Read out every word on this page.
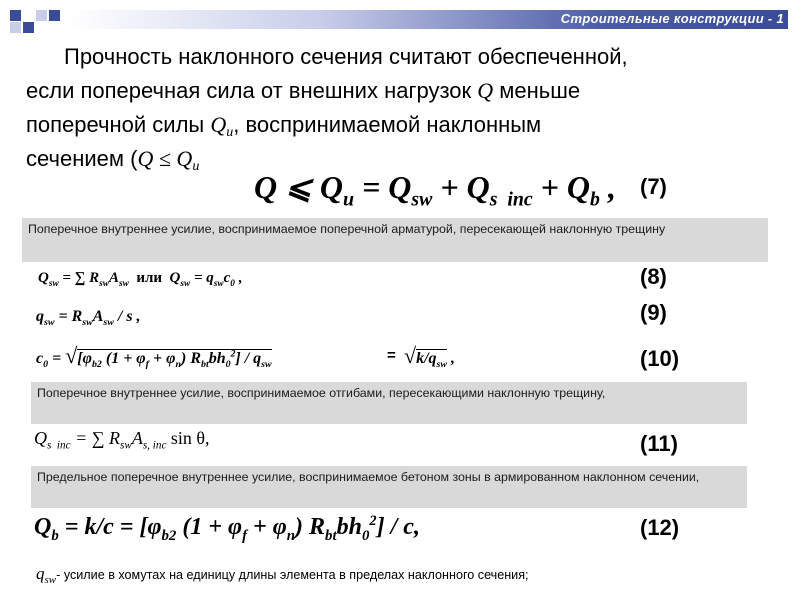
Строительные конструкции - 1
Прочность наклонного сечения считают обеспеченной,
если поперечная сила от внешних нагрузок Q меньше
поперечной силы $Q_u$, воспринимаемой наклонным
сечением ($Q \le Q_u$
Q ⩽ $Q_u = Q_{sw} + Q_{s inc} + Q_b$ , (7)
Поперечное внутреннее усилие, воспринимаемое поперечной арматурой, пересекающей наклонную трещину
$Q_{sw}$ = ∑ $R_{sw}A_{sw}$ или  $Q_{sw} = q_{sw}c_0$ ,	(8)
$q_{sw} = R_{sw}A_{sw} / s$ ,	(9)
$c_0 = √[\varphi_{b2}$ $(1 + \varphi_f + \varphi_n)$ $R_{bt}bh_0^2] / q_{sw}$
= $√k/q_{sw}$ ,	(10)
Поперечное внутреннее усилие, воспринимаемое отгибами, пересекающими наклонную трещину,
$Q_{s inc}$ = ∑ $R_{sw}A_{s, inc}$ sin θ,	(11)
Предельное поперечное внутреннее усилие, воспринимаемое бетоном зоны в армированном наклонном сечении,
$Q_b = k/c = [\varphi_{b2}$ $(1 + \varphi_f + \varphi_n)$ $R_{bt}bh_0^2$] / c,	(12)
qsw- усилие в хомутах на единицу длины элемента в пределах наклонного сечения;
